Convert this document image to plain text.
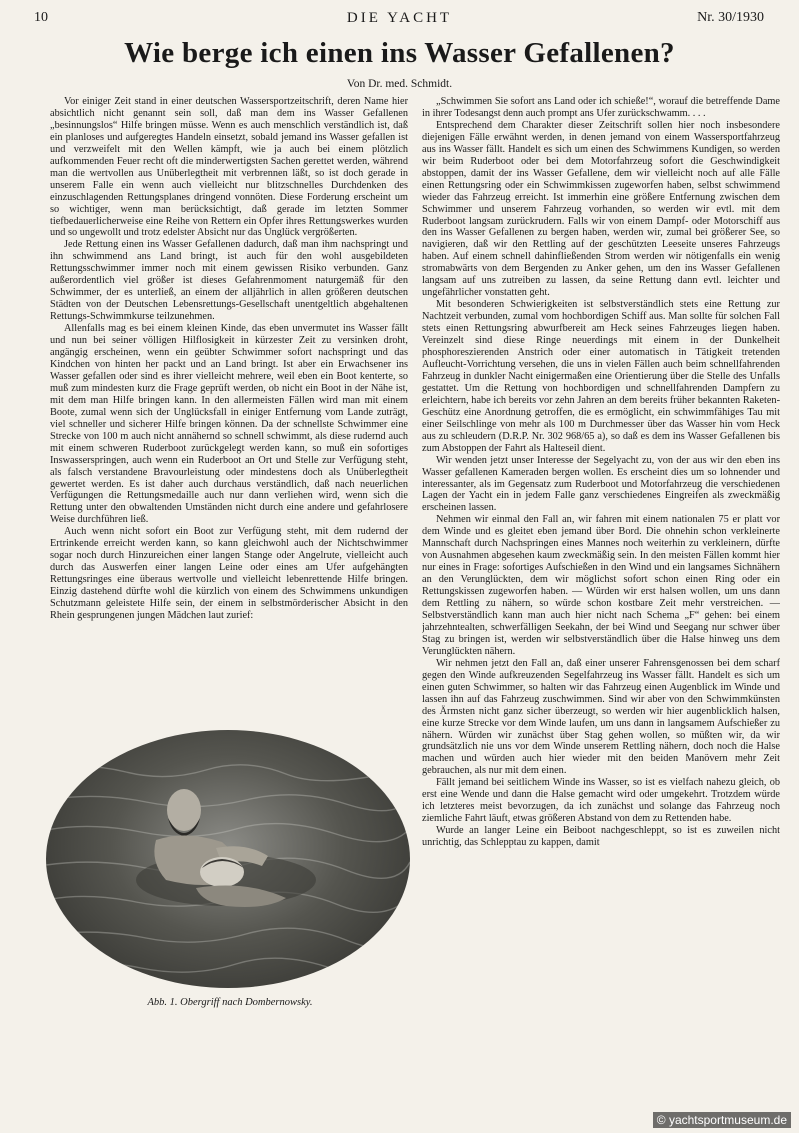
10	DIE YACHT	Nr. 30/1930
Wie berge ich einen ins Wasser Gefallenen?
Von Dr. med. Schmidt.

Vor einiger Zeit stand in einer deutschen Wassersportzeitschrift, deren Name hier absichtlich nicht genannt sein soll, daß man dem ins Wasser Gefallenen „besinnungslos“ Hilfe bringen müsse. Wenn es auch menschlich verständlich ist, daß ein planloses und aufgeregtes Handeln einsetzt, sobald jemand ins Wasser gefallen ist und verzweifelt mit den Wellen kämpft, wie ja auch bei einem plötzlich aufkommenden Feuer recht oft die minderwertigsten Sachen gerettet werden, während man die wertvollen aus Unüberlegtheit mit verbrennen läßt, so ist doch gerade in unserem Falle ein wenn auch vielleicht nur blitzschnelles Durchdenken des einzuschlagenden Rettungsplanes dringend vonnöten. Diese Forderung erscheint um so wichtiger, wenn man berücksichtigt, daß gerade im letzten Sommer tiefbedauerlicherweise eine Reihe von Rettern ein Opfer ihres Rettungswerkes wurden und so ungewollt und trotz edelster Absicht nur das Unglück vergrößerten.

Jede Rettung einen ins Wasser Gefallenen dadurch, daß man ihm nachspringt und ihn schwimmend ans Land bringt, ist auch für den wohl ausgebildeten Rettungsschwimmer immer noch mit einem gewissen Risiko verbunden. Ganz außerordentlich viel größer ist dieses Gefahrenmoment naturgemäß für den Schwimmer, der es unterließ, an einem der alljährlich in allen größeren deutschen Städten von der Deutschen Lebensrettungs-Gesellschaft unentgeltlich abgehaltenen Rettungs-Schwimmkurse teilzunehmen.

Allenfalls mag es bei einem kleinen Kinde, das eben unvermutet ins Wasser fällt und nun bei seiner völligen Hilflosigkeit in kürzester Zeit zu versinken droht, angängig erscheinen, wenn ein geübter Schwimmer sofort nachspringt und das Kindchen von hinten her packt und an Land bringt. Ist aber ein Erwachsener ins Wasser gefallen oder sind es ihrer vielleicht mehrere, weil eben ein Boot kenterte, so muß zum mindesten kurz die Frage geprüft werden, ob nicht ein Boot in der Nähe ist, mit dem man Hilfe bringen kann. In den allermeisten Fällen wird man mit einem Boote, zumal wenn sich der Unglücksfall in einiger Entfernung vom Lande zuträgt, viel schneller und sicherer Hilfe bringen können. Da der schnellste Schwimmer eine Strecke von 100 m auch nicht annähernd so schnell schwimmt, als diese rudernd auch mit einem schweren Ruderboot zurückgelegt werden kann, so muß ein sofortiges Inswasserspringen, auch wenn ein Ruderboot an Ort und Stelle zur Verfügung steht, als falsch verstandene Bravourleistung oder mindestens doch als Unüberlegtheit gewertet werden. Es ist daher auch durchaus verständlich, daß nach neuerlichen Verfügungen die Rettungsmedaille auch nur dann verliehen wird, wenn sich die Rettung unter den obwaltenden Umständen nicht durch eine andere und gefahrlosere Weise durchführen ließ.

Auch wenn nicht sofort ein Boot zur Verfügung steht, mit dem rudernd der Ertrinkende erreicht werden kann, so kann gleichwohl auch der Nichtschwimmer sogar noch durch Hinzureichen einer langen Stange oder Angelrute, vielleicht auch durch das Auswerfen einer langen Leine oder eines am Ufer aufgehängten Rettungsringes eine überaus wertvolle und vielleicht lebenrettende Hilfe bringen. Einzig dastehend dürfte wohl die kürzlich von einem des Schwimmens unkundigen Schutzmann geleistete Hilfe sein, der einem in selbstmörderischer Absicht in den Rhein gesprungenen jungen Mädchen laut zurief:

Abb. 1. Obergriff nach Dombernowsky.

„Schwimmen Sie sofort ans Land oder ich schieße!“, worauf die betreffende Dame in ihrer Todesangst denn auch prompt ans Ufer zurückschwamm. . . .

Entsprechend dem Charakter dieser Zeitschrift sollen hier noch insbesondere diejenigen Fälle erwähnt werden, in denen jemand von einem Wassersportfahrzeug aus ins Wasser fällt. Handelt es sich um einen des Schwimmens Kundigen, so werden wir beim Ruderboot oder bei dem Motorfahrzeug sofort die Geschwindigkeit abstoppen, damit der ins Wasser Gefallene, dem wir vielleicht noch auf alle Fälle einen Rettungsring oder ein Schwimmkissen zugeworfen haben, selbst schwimmend wieder das Fahrzeug erreicht. Ist immerhin eine größere Entfernung zwischen dem Schwimmer und unserem Fahrzeug vorhanden, so werden wir evtl. mit dem Ruderboot langsam zurückrudern. Falls wir von einem Dampf- oder Motorschiff aus den ins Wasser Gefallenen zu bergen haben, werden wir, zumal bei größerer See, so navigieren, daß wir den Rettling auf der geschützten Leeseite unseres Fahrzeugs haben. Auf einem schnell dahinfließenden Strom werden wir nötigenfalls ein wenig stromabwärts von dem Bergenden zu Anker gehen, um den ins Wasser Gefallenen langsam auf uns zutreiben zu lassen, da seine Rettung dann evtl. leichter und ungefährlicher vonstatten geht.

Mit besonderen Schwierigkeiten ist selbstverständlich stets eine Rettung zur Nachtzeit verbunden, zumal vom hochbordigen Schiff aus. Man sollte für solchen Fall stets einen Rettungsring abwurfbereit am Heck seines Fahrzeuges liegen haben. Vereinzelt sind diese Ringe neuerdings mit einem in der Dunkelheit phosphoreszierenden Anstrich oder einer automatisch in Tätigkeit tretenden Aufleucht-Vorrichtung versehen, die uns in vielen Fällen auch beim schnellfahrenden Fahrzeug in dunkler Nacht einigermaßen eine Orientierung über die Stelle des Unfalls gestattet. Um die Rettung von hochbordigen und schnellfahrenden Dampfern zu erleichtern, habe ich bereits vor zehn Jahren an dem bereits früher bekannten Raketen-Geschütz eine Anordnung getroffen, die es ermöglicht, ein schwimmfähiges Tau mit einer Seilschlinge von mehr als 100 m Durchmesser über das Wasser hin vom Heck aus zu schleudern (D.R.P. Nr. 302 968/65 a), so daß es dem ins Wasser Gefallenen bis zum Abstoppen der Fahrt als Halteseil dient.

Wir wenden jetzt unser Interesse der Segelyacht zu, von der aus wir den eben ins Wasser gefallenen Kameraden bergen wollen. Es erscheint dies um so lohnender und interessanter, als im Gegensatz zum Ruderboot und Motorfahrzeug die verschiedenen Lagen der Yacht ein in jedem Falle ganz verschiedenes Eingreifen als zweckmäßig erscheinen lassen.

Nehmen wir einmal den Fall an, wir fahren mit einem nationalen 75 er platt vor dem Winde und es gleitet eben jemand über Bord. Die ohnehin schon verkleinerte Mannschaft durch Nachspringen eines Mannes noch weiterhin zu verkleinern, dürfte von Ausnahmen abgesehen kaum zweckmäßig sein. In den meisten Fällen kommt hier nur eines in Frage: sofortiges Aufschießen in den Wind und ein langsames Sichnähern an den Verunglückten, dem wir möglichst sofort schon einen Ring oder ein Rettungskissen zugeworfen haben. — Würden wir erst halsen wollen, um uns dann dem Rettling zu nähern, so würde schon kostbare Zeit mehr verstreichen. — Selbstverständlich kann man auch hier nicht nach Schema „F“ gehen: bei einem jahrzehntealten, schwerfälligen Seekahn, der bei Wind und Seegang nur schwer über Stag zu bringen ist, werden wir selbstverständlich über die Halse hinweg uns dem Verunglückten nähern.

Wir nehmen jetzt den Fall an, daß einer unserer Fahrensgenossen bei dem scharf gegen den Winde aufkreuzenden Segelfahrzeug ins Wasser fällt. Handelt es sich um einen guten Schwimmer, so halten wir das Fahrzeug einen Augenblick im Winde und lassen ihn auf das Fahrzeug zuschwimmen. Sind wir aber von den Schwimmkünsten des Ärmsten nicht ganz sicher überzeugt, so werden wir hier augenblicklich halsen, eine kurze Strecke vor dem Winde laufen, um uns dann in langsamem Aufschießer zu nähern. Würden wir zunächst über Stag gehen wollen, so müßten wir, da wir grundsätzlich nie uns vor dem Winde unserem Rettling nähern, doch noch die Halse machen und würden auch hier wieder mit den beiden Manövern mehr Zeit gebrauchen, als nur mit dem einen.

Fällt jemand bei seitlichem Winde ins Wasser, so ist es vielfach nahezu gleich, ob erst eine Wende und dann die Halse gemacht wird oder umgekehrt. Trotzdem würde ich letzteres meist bevorzugen, da ich zunächst und solange das Fahrzeug noch ziemliche Fahrt läuft, etwas größeren Abstand von dem zu Rettenden habe.

Wurde an langer Leine ein Beiboot nachgeschleppt, so ist es zuweilen nicht unrichtig, das Schlepptau zu kappen, damit

© yachtsportmuseum.de
